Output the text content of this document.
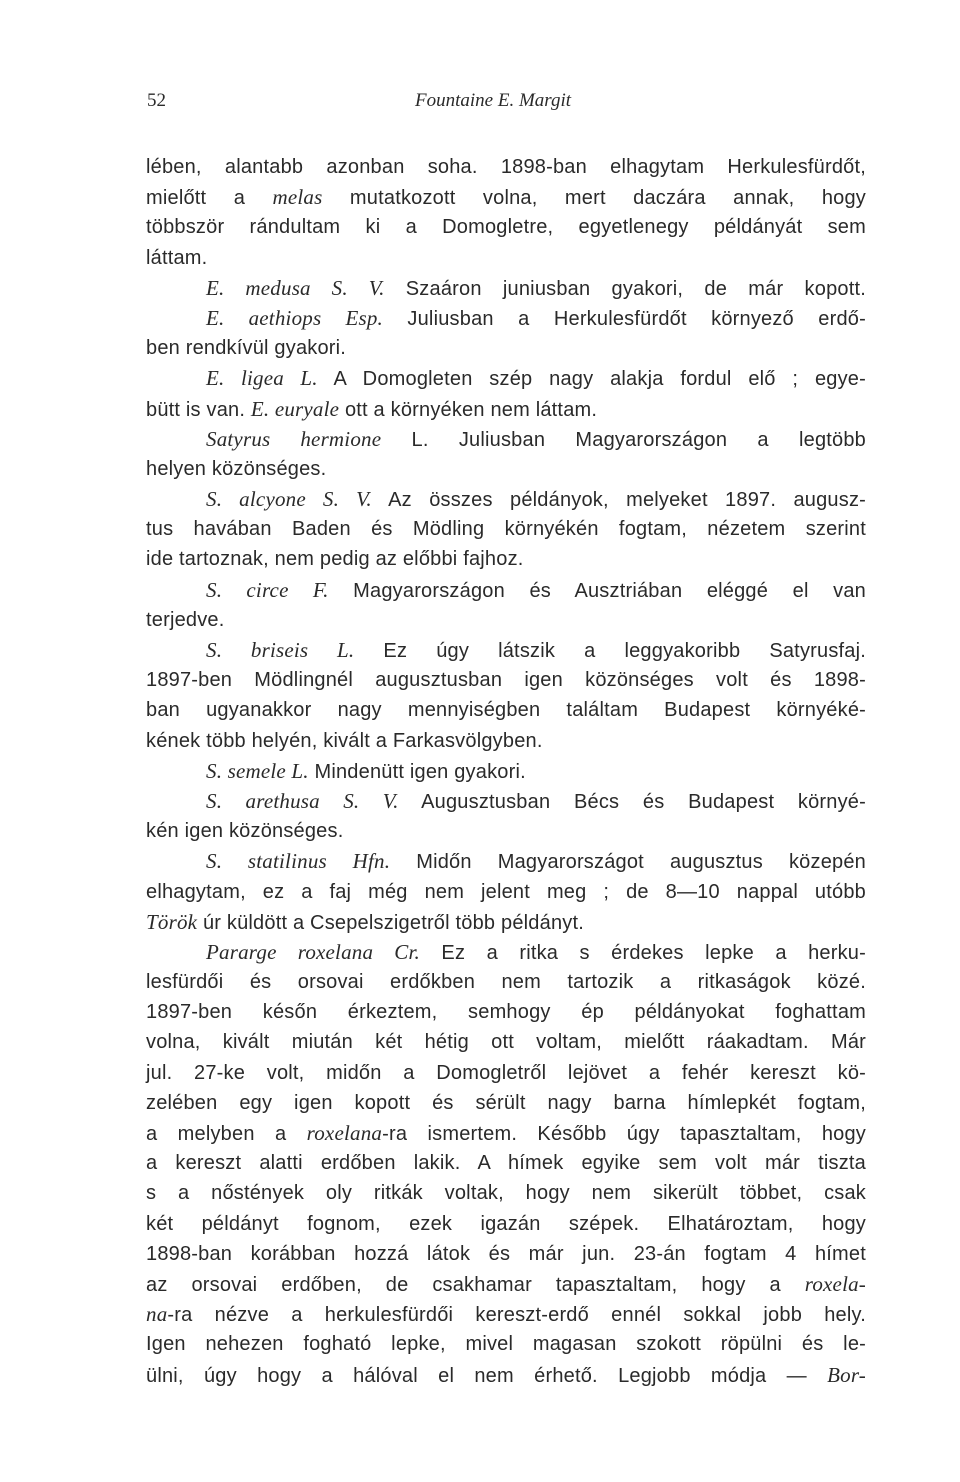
52	Fountaine E. Margit
lében, alantabb azonban soha. 1898-ban elhagytam Herkulesfürdőt,
mielőtt a melas mutatkozott volna, mert daczára annak, hogy
többször rándultam ki a Domogletre, egyetlenegy példányát sem
láttam.
E. medusa S. V. Szaáron juniusban gyakori, de már kopott.
E. aethiops Esp. Juliusban a Herkulesfürdőt környező erdő-
ben rendkívül gyakori.
E. ligea L. A Domogleten szép nagy alakja fordul elő ; egye-
bütt is van. E. euryale ott a környéken nem láttam.
Satyrus hermione L. Juliusban Magyarországon a legtöbb
helyen közönséges.
S. alcyone S. V. Az összes példányok, melyeket 1897. augusz-
tus havában Baden és Mödling környékén fogtam, nézetem szerint
ide tartoznak, nem pedig az előbbi fajhoz.
S. circe F. Magyarországon és Ausztriában eléggé el van
terjedve.
S. briseis L. Ez úgy látszik a leggyakoribb Satyrusfaj.
1897-ben Mödlingnél augusztusban igen közönséges volt és 1898-
ban ugyanakkor nagy mennyiségben találtam Budapest környéké-
kének több helyén, kivált a Farkasvölgyben.
S. semele L. Mindenütt igen gyakori.
S. arethusa S. V. Augusztusban Bécs és Budapest környé-
kén igen közönséges.
S. statilinus Hfn. Midőn Magyarországot augusztus közepén
elhagytam, ez a faj még nem jelent meg ; de 8—10 nappal utóbb
Török úr küldött a Csepelszigetről több példányt.
Pararge roxelana Cr. Ez a ritka s érdekes lepke a herku-
lesfürdői és orsovai erdőkben nem tartozik a ritkaságok közé.
1897-ben későn érkeztem, semhogy ép példányokat foghattam
volna, kivált miután két hétig ott voltam, mielőtt ráakadtam. Már
jul. 27-ke volt, midőn a Domogletről lejövet a fehér kereszt kö-
zelében egy igen kopott és sérült nagy barna hímlepkét fogtam,
a melyben a roxelana-ra ismertem. Később úgy tapasztaltam, hogy
a kereszt alatti erdőben lakik. A hímek egyike sem volt már tiszta
s a nőstények oly ritkák voltak, hogy nem sikerült többet, csak
két példányt fognom, ezek igazán szépek. Elhatároztam, hogy
1898-ban korábban hozzá látok és már jun. 23-án fogtam 4 hímet
az orsovai erdőben, de csakhamar tapasztaltam, hogy a roxela-
na-ra nézve a herkulesfürdői kereszt-erdő ennél sokkal jobb hely.
Igen nehezen fogható lepke, mivel magasan szokott röpülni és le-
ülni, úgy hogy a hálóval el nem érhető. Legjobb módja — Bor-
